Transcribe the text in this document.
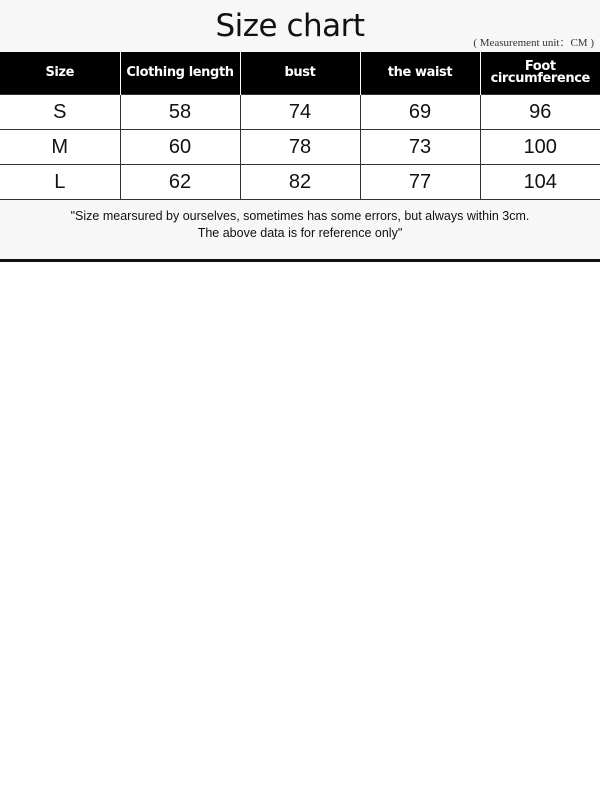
Size chart	( Measurement unit：CM )
Size	Clothing length	bust	the waist	Foot circumference
S	58	74	69	96
M	60	78	73	100
L	62	82	77	104
"Size mearsured by ourselves, sometimes has some errors, but always within 3cm.
The above data is for reference only"
